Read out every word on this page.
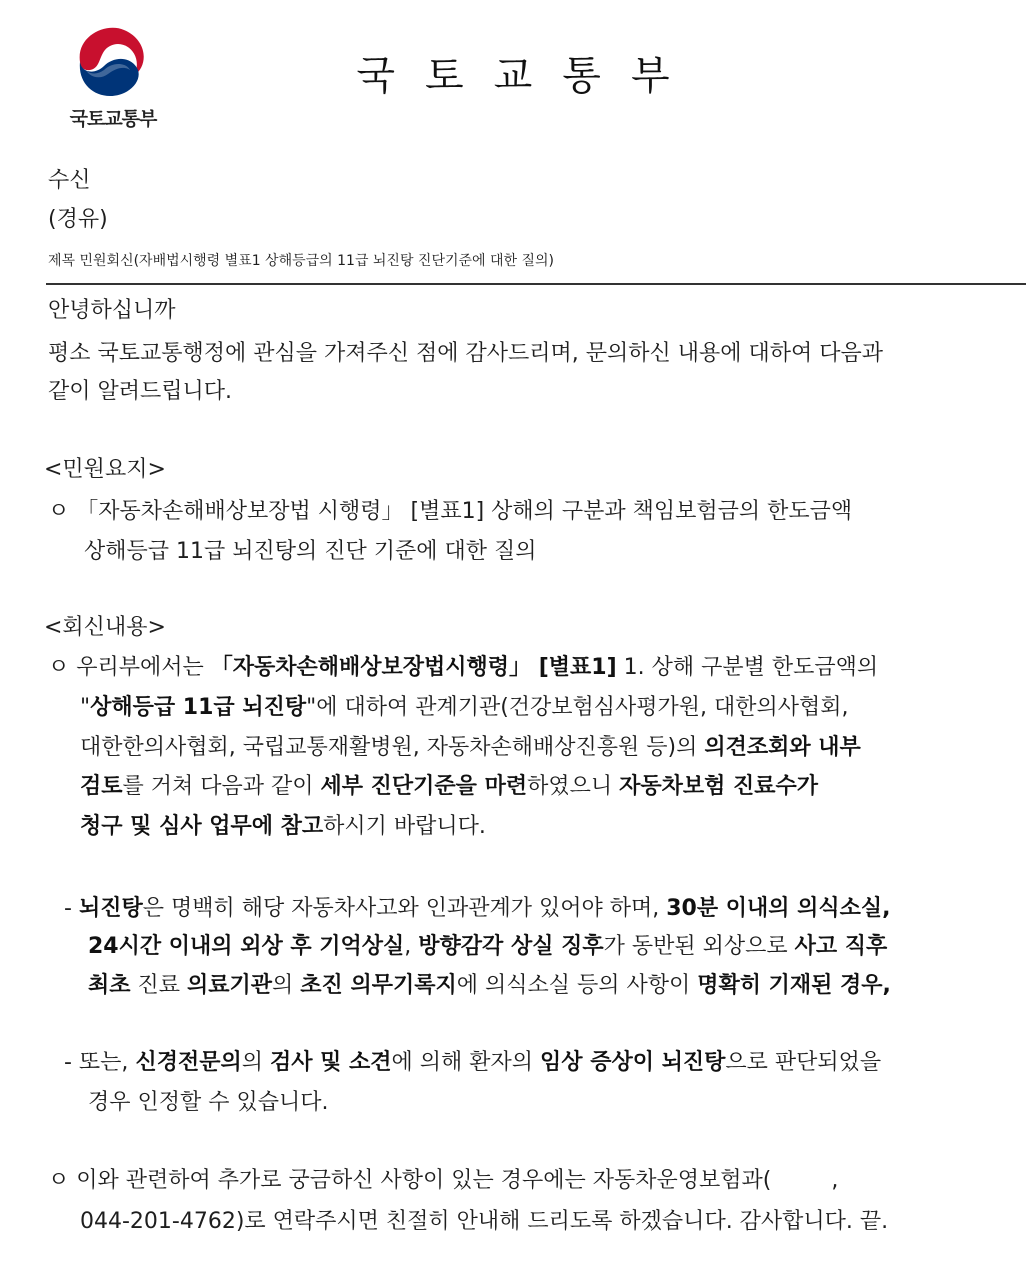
국토교통부
국토교통부
수신
(경유)
제목 민원회신(자배법시행령 별표1 상해등급의 11급 뇌진탕 진단기준에 대한 질의)
안녕하십니까
평소 국토교통행정에 관심을 가져주신 점에 감사드리며, 문의하신 내용에 대하여 다음과
같이 알려드립니다.
<민원요지>
ㅇ 「자동차손해배상보장법 시행령」 [별표1] 상해의 구분과 책임보험금의 한도금액
상해등급 11급 뇌진탕의 진단 기준에 대한 질의
<회신내용>
ㅇ 우리부에서는 「자동차손해배상보장법시행령」 [별표1] 1. 상해 구분별 한도금액의
"상해등급 11급 뇌진탕"에 대하여 관계기관(건강보험심사평가원, 대한의사협회,
대한한의사협회, 국립교통재활병원, 자동차손해배상진흥원 등)의 의견조회와 내부
검토를 거쳐 다음과 같이 세부 진단기준을 마련하였으니 자동차보험 진료수가
청구 및 심사 업무에 참고하시기 바랍니다.
- 뇌진탕은 명백히 해당 자동차사고와 인과관계가 있어야 하며, 30분 이내의 의식소실,
24시간 이내의 외상 후 기억상실, 방향감각 상실 징후가 동반된 외상으로 사고 직후
최초 진료 의료기관의 초진 의무기록지에 의식소실 등의 사항이 명확히 기재된 경우,
- 또는, 신경전문의의 검사 및 소견에 의해 환자의 임상 증상이 뇌진탕으로 판단되었을
경우 인정할 수 있습니다.
ㅇ 이와 관련하여 추가로 궁금하신 사항이 있는 경우에는 자동차운영보험과(	,
044-201-4762)로 연락주시면 친절히 안내해 드리도록 하겠습니다. 감사합니다. 끝.
